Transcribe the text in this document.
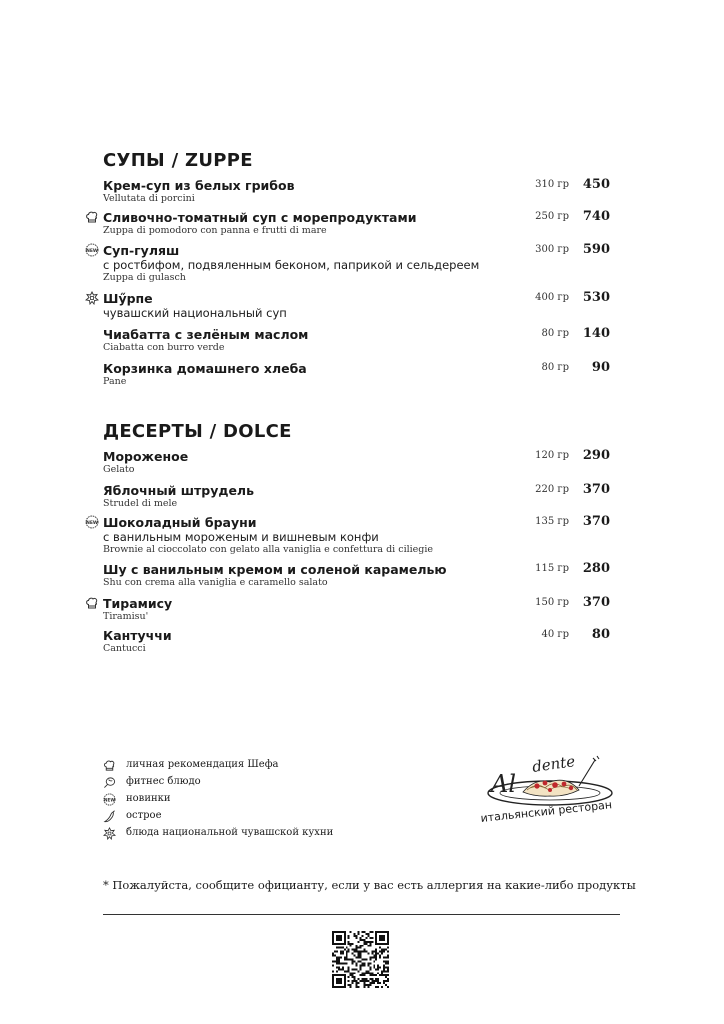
СУПЫ / ZUPPE
Крем-суп из белых грибов
Vellutata di porcini
310 гр 450
Сливочно-томатный суп с морепродуктами
Zuppa di pomodoro con panna e frutti di mare
250 гр 740
NEW Суп-гуляш
с ростбифом, подвяленным беконом, паприкой и сельдереем
Zuppa di gulasch
300 гр 590
Шӳрпе
чувашский национальный суп
400 гр 530
Чиабатта с зелёным маслом
Ciabatta con burro verde
80 гр 140
Корзинка домашнего хлеба
Pane
80 гр 90
ДЕСЕРТЫ / DOLCE
Мороженое
Gelato
120 гр 290
Яблочный штрудель
Strudel di mele
220 гр 370
NEW Шоколадный брауни
с ванильным мороженым и вишневым конфи
Brownie al cioccolato con gelato alla vaniglia e confettura di ciliegie
135 гр 370
Шу с ванильным кремом и соленой карамелью
Shu con crema alla vaniglia e caramello salato
115 гр 280
Тирамису
Tiramisu'
150 гр 370
Кантуччи
Cantucci
40 гр 80
личная рекомендация Шефа
фитнес блюдо
NEW новинки
острое
блюда национальной чувашской кухни
Al
dente
итальянский ресторан
* Пожалуйста, сообщите официанту, если у вас есть аллергия на какие-либо продукты
